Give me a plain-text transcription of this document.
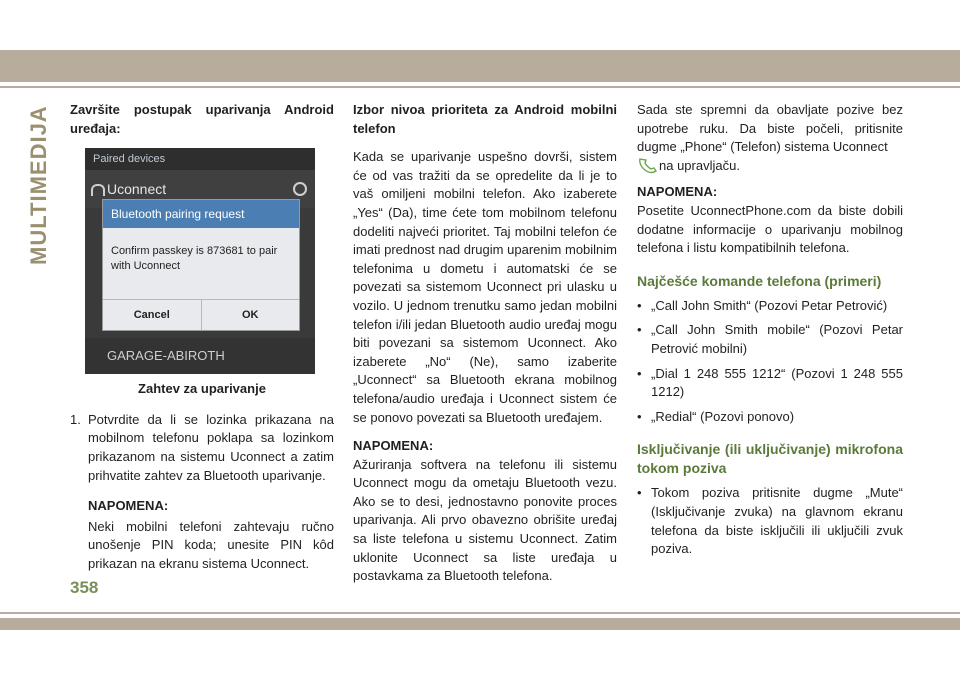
MULTIMEDIJA	Završite postupak uparivanja Android uređaja:

Paired devices
Uconnect
Bluetooth pairing request
Confirm passkey is 873681 to pair with Uconnect
Cancel	OK
GARAGE-ABIROTH
Zahtev za uparivanje
1. Potvrdite da li se lozinka prikazana na mobilnom telefonu poklapa sa lozinkom prikazanom na sistemu Uconnect a zatim prihvatite zahtev za Bluetooth uparivanje.

NAPOMENA:

Neki mobilni telefoni zahtevaju ručno unošenje PIN koda; unesite PIN kôd prikazan na ekranu sistema Uconnect.

Izbor nivoa prioriteta za Android mobilni telefon

Kada se uparivanje uspešno dovrši, sistem će od vas tražiti da se opredelite da li je to vaš omiljeni mobilni telefon. Ako izaberete „Yes“ (Da), time ćete tom mobilnom telefonu dodeliti najveći prioritet. Taj mobilni telefon će imati prednost nad drugim uparenim mobilnim telefonima u dometu i automatski će se povezati sa sistemom Uconnect pri ulasku u vozilo. U jednom trenutku samo jedan mobilni telefon i/ili jedan Bluetooth audio uređaj mogu biti povezani sa sistemom Uconnect. Ako izaberete „No“ (Ne), samo izaberite „Uconnect“ sa Bluetooth ekrana mobilnog telefona/audio uređaja i Uconnect sistem će se ponovo povezati sa Bluetooth uređajem.

NAPOMENA:

Ažuriranja softvera na telefonu ili sistemu Uconnect mogu da ometaju Bluetooth vezu. Ako se to desi, jednostavno ponovite proces uparivanja. Ali prvo obavezno obrišite uređaj sa liste telefona u sistemu Uconnect. Zatim uklonite Uconnect sa liste uređaja u postavkama za Bluetooth telefona.

Sada ste spremni da obavljate pozive bez upotrebe ruku. Da biste počeli, pritisnite dugme „Phone“ (Telefon) sistema Uconnect

na upravljaču.

NAPOMENA:

Posetite UconnectPhone.com da biste dobili dodatne informacije o uparivanju mobilnog telefona i listu kompatibilnih telefona.

Najčešće komande telefona (primeri)
• „Call John Smith“ (Pozovi Petar Petrović)
• „Call John Smith mobile“ (Pozovi Petar Petrović mobilni)
• „Dial 1 248 555 1212“ (Pozovi 1 248 555 1212)
• „Redial“ (Pozovi ponovo)
Isključivanje (ili uključivanje) mikrofona tokom poziva
• Tokom poziva pritisnite dugme „Mute“ (Isključivanje zvuka) na glavnom ekranu telefona da biste isključili ili uključili zvuk poziva.
358
